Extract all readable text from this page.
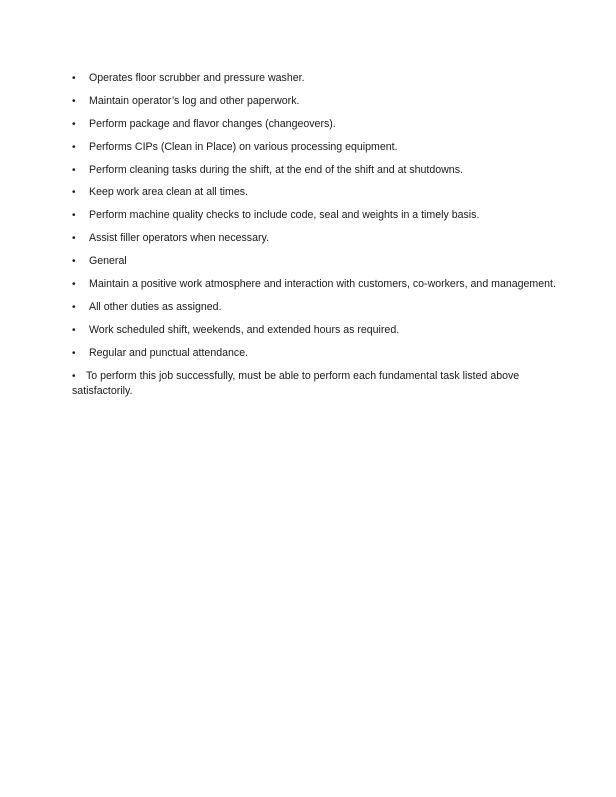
• Operates floor scrubber and pressure washer.
• Maintain operator’s log and other paperwork.
• Perform package and flavor changes (changeovers).
• Performs CIPs (Clean in Place) on various processing equipment.
• Perform cleaning tasks during the shift, at the end of the shift and at shutdowns.
• Keep work area clean at all times.
• Perform machine quality checks to include code, seal and weights in a timely basis.
• Assist filler operators when necessary.
• General
• Maintain a positive work atmosphere and interaction with customers, co-workers, and management.
• All other duties as assigned.
• Work scheduled shift, weekends, and extended hours as required.
• Regular and punctual attendance.
• To perform this job successfully, must be able to perform each fundamental task listed above satisfactorily.
